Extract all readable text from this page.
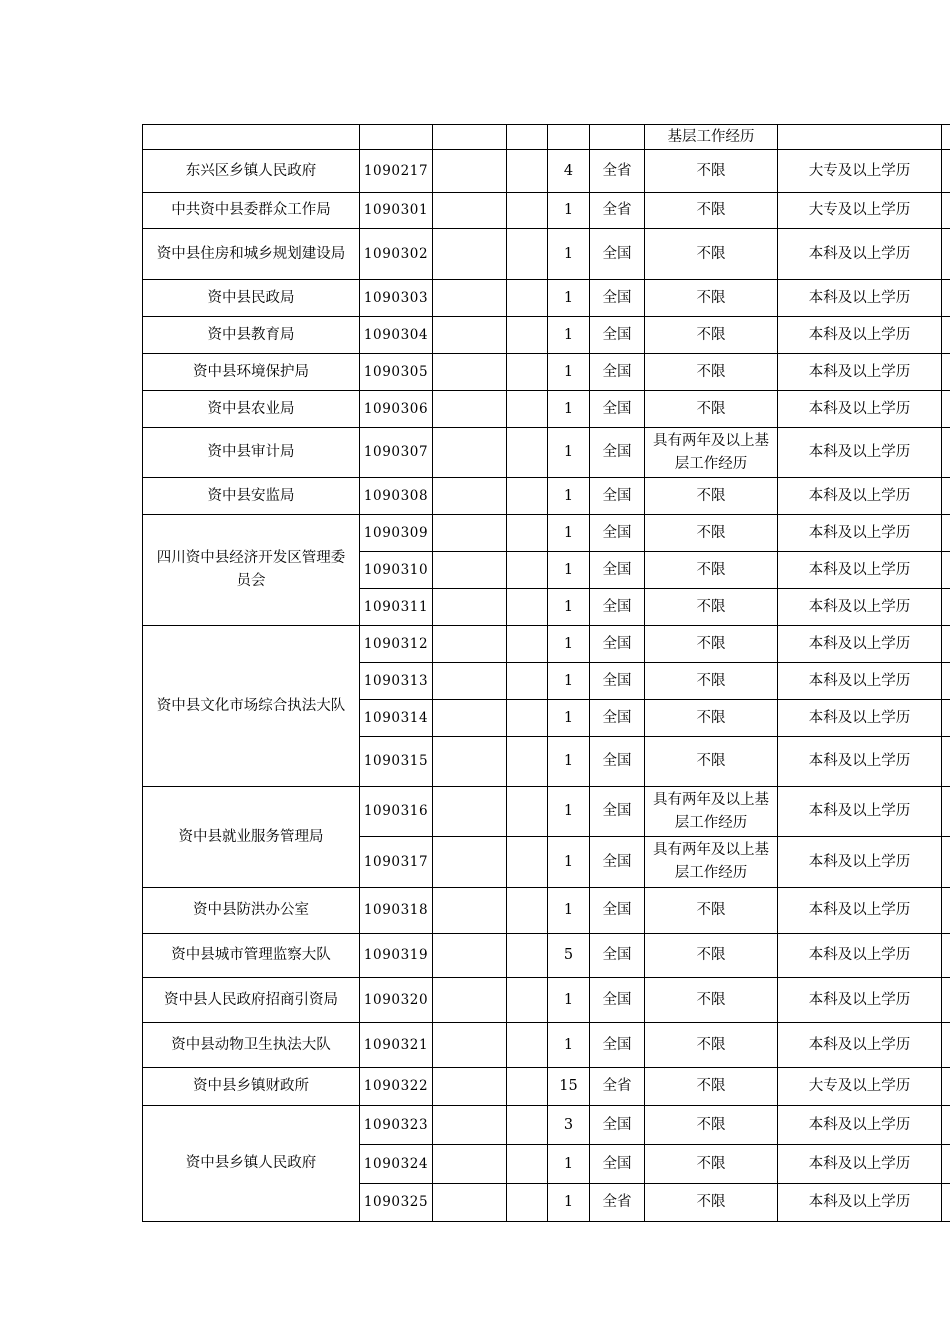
						基层工作经历		
东兴区乡镇人民政府	1090217			4	全省	不限	大专及以上学历	
中共资中县委群众工作局	1090301			1	全省	不限	大专及以上学历	
资中县住房和城乡规划建设局	1090302			1	全国	不限	本科及以上学历	
资中县民政局	1090303			1	全国	不限	本科及以上学历	
资中县教育局	1090304			1	全国	不限	本科及以上学历	
资中县环境保护局	1090305			1	全国	不限	本科及以上学历	
资中县农业局	1090306			1	全国	不限	本科及以上学历	
资中县审计局	1090307			1	全国	具有两年及以上基层工作经历	本科及以上学历	
资中县安监局	1090308			1	全国	不限	本科及以上学历	
四川资中县经济开发区管理委员会	1090309			1	全国	不限	本科及以上学历	
	1090310			1	全国	不限	本科及以上学历	
	1090311			1	全国	不限	本科及以上学历	
资中县文化市场综合执法大队	1090312			1	全国	不限	本科及以上学历	
	1090313			1	全国	不限	本科及以上学历	
	1090314			1	全国	不限	本科及以上学历	
	1090315			1	全国	不限	本科及以上学历	
资中县就业服务管理局	1090316			1	全国	具有两年及以上基层工作经历	本科及以上学历	
	1090317			1	全国	具有两年及以上基层工作经历	本科及以上学历	
资中县防洪办公室	1090318			1	全国	不限	本科及以上学历	
资中县城市管理监察大队	1090319			5	全国	不限	本科及以上学历	
资中县人民政府招商引资局	1090320			1	全国	不限	本科及以上学历	
资中县动物卫生执法大队	1090321			1	全国	不限	本科及以上学历	
资中县乡镇财政所	1090322			15	全省	不限	大专及以上学历	
资中县乡镇人民政府	1090323			3	全国	不限	本科及以上学历	
	1090324			1	全国	不限	本科及以上学历	
	1090325			1	全省	不限	本科及以上学历	
